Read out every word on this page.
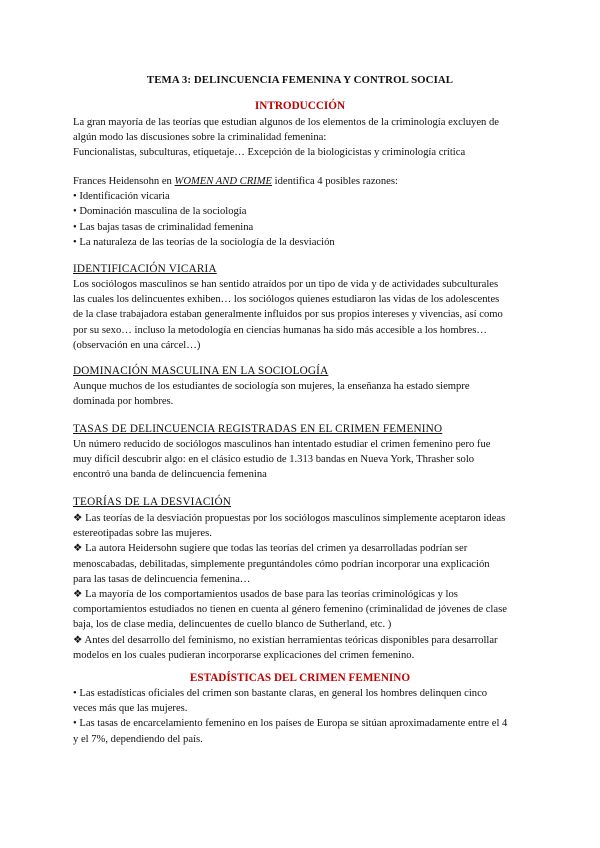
TEMA 3: DELINCUENCIA FEMENINA Y CONTROL SOCIAL
INTRODUCCIÓN
La gran mayoría de las teorías que estudian algunos de los elementos de la criminología excluyen de
algún modo las discusiones sobre la criminalidad femenina:
Funcionalistas, subculturas, etiquetaje… Excepción de la biologicistas y criminología crítica
Frances Heidensohn en WOMEN AND CRIME identifica 4 posibles razones:
• Identificación vicaria
• Dominación masculina de la sociología
• Las bajas tasas de criminalidad femenina
• La naturaleza de las teorías de la sociología de la desviación
IDENTIFICACIÓN VICARIA
Los sociólogos masculinos se han sentido atraídos por un tipo de vida y de actividades subculturales
las cuales los delincuentes exhiben… los sociólogos quienes estudiaron las vidas de los adolescentes
de la clase trabajadora estaban generalmente influidos por sus propios intereses y vivencias, así como
por su sexo… incluso la metodología en ciencias humanas ha sido más accesible a los hombres…
(observación en una cárcel…)
DOMINACIÓN MASCULINA EN LA SOCIOLOGÍA
Aunque muchos de los estudiantes de sociología son mujeres, la enseñanza ha estado siempre
dominada por hombres.
TASAS DE DELINCUENCIA REGISTRADAS EN EL CRIMEN FEMENINO
Un número reducido de sociólogos masculinos han intentado estudiar el crimen femenino pero fue
muy difícil descubrir algo: en el clásico estudio de 1.313 bandas en Nueva York, Thrasher solo
encontró una banda de delincuencia femenina
TEORÍAS DE LA DESVIACIÓN
❖ Las teorías de la desviación propuestas por los sociólogos masculinos simplemente aceptaron ideas
estereotipadas sobre las mujeres.
❖ La autora Heidersohn sugiere que todas las teorías del crimen ya desarrolladas podrían ser
menoscabadas, debilitadas, simplemente preguntándoles cómo podrían incorporar una explicación
para las tasas de delincuencia femenina…
❖ La mayoría de los comportamientos usados de base para las teorías criminológicas y los
comportamientos estudiados no tienen en cuenta al género femenino (criminalidad de jóvenes de clase
baja, los de clase media, delincuentes de cuello blanco de Sutherland, etc. )
❖ Antes del desarrollo del feminismo, no existían herramientas teóricas disponibles para desarrollar
modelos en los cuales pudieran incorporarse explicaciones del crimen femenino.
ESTADÍSTICAS DEL CRIMEN FEMENINO
• Las estadísticas oficiales del crimen son bastante claras, en general los hombres delinquen cinco
veces más que las mujeres.
• Las tasas de encarcelamiento femenino en los países de Europa se sitúan aproximadamente entre el 4
y el 7%, dependiendo del país.
